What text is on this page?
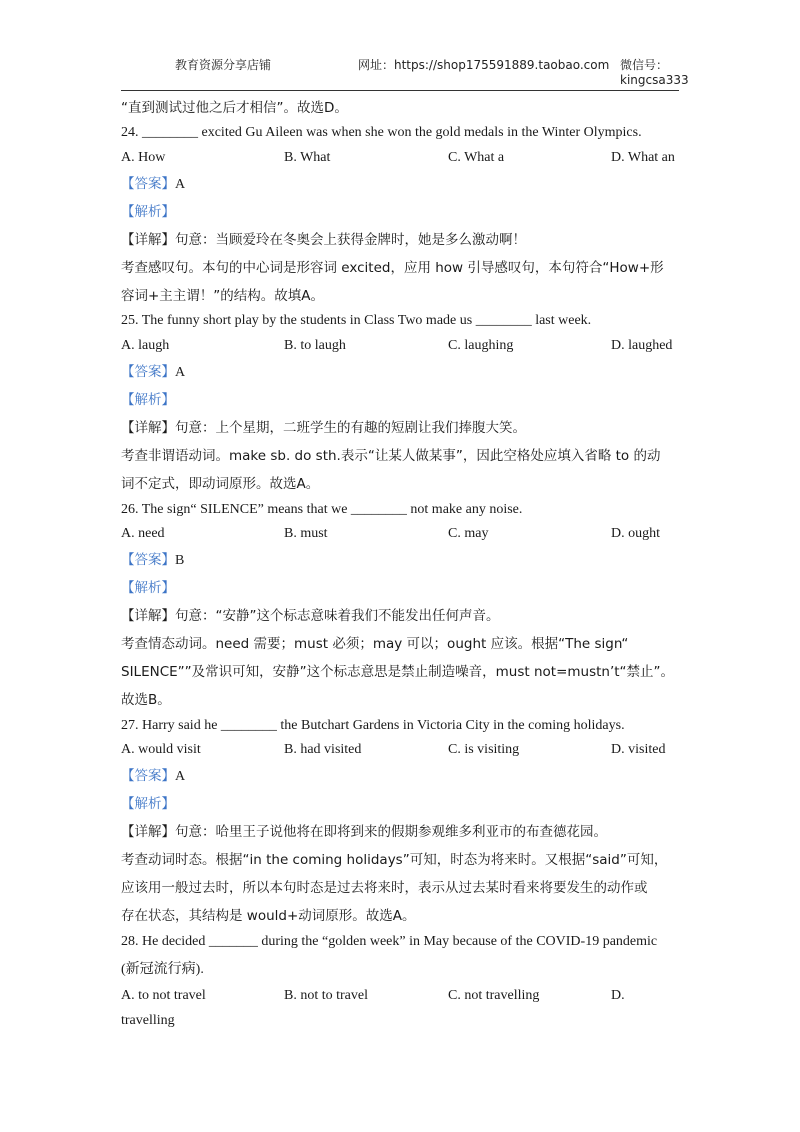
教育资源分享店铺	网址：https://shop175591889.taobao.com 微信号：
kingcsa333
“直到测试过他之后才相信”。故选D。
24. ________ excited Gu Aileen was when she won the gold medals in the Winter Olympics.
A. How	B. What	C. What a	D. What an
【答案】A
【解析】
【详解】句意：当顾爱玲在冬奥会上获得金牌时，她是多么激动啊！
考查感叹句。本句的中心词是形容词 excited，应用 how 引导感叹句，本句符合“How+形
容词+主主谓！”的结构。故填A。
25. The funny short play by the students in Class Two made us ________ last week.
A. laugh	B. to laugh	C. laughing	D. laughed
【答案】A
【解析】
【详解】句意：上个星期，二班学生的有趣的短剧让我们捧腹大笑。
考查非谓语动词。make sb. do sth.表示“让某人做某事”，因此空格处应填入省略 to 的动
词不定式，即动词原形。故选A。
26. The sign“ SILENCE” means that we ________ not make any noise.
A. need	B. must	C. may	D. ought
【答案】B
【解析】
【详解】句意：“安静”这个标志意味着我们不能发出任何声音。
考查情态动词。need 需要；must 必须；may 可以；ought 应该。根据“The sign“
SILENCE””及常识可知，安静”这个标志意思是禁止制造噪音，must not=mustn’t“禁止”。
故选B。
27. Harry said he ________ the Butchart Gardens in Victoria City in the coming holidays.
A. would visit	B. had visited	C. is visiting	D. visited
【答案】A
【解析】
【详解】句意：哈里王子说他将在即将到来的假期参观维多利亚市的布查德花园。
考查动词时态。根据“in the coming holidays”可知，时态为将来时。又根据“said”可知，
应该用一般过去时，所以本句时态是过去将来时，表示从过去某时看来将要发生的动作或
存在状态，其结构是 would+动词原形。故选A。
28. He decided _______ during the “golden week” in May because of the COVID-19 pandemic
(新冠流行病).
A. to not travel	B. not to travel	C. not travelling	D.
travelling
